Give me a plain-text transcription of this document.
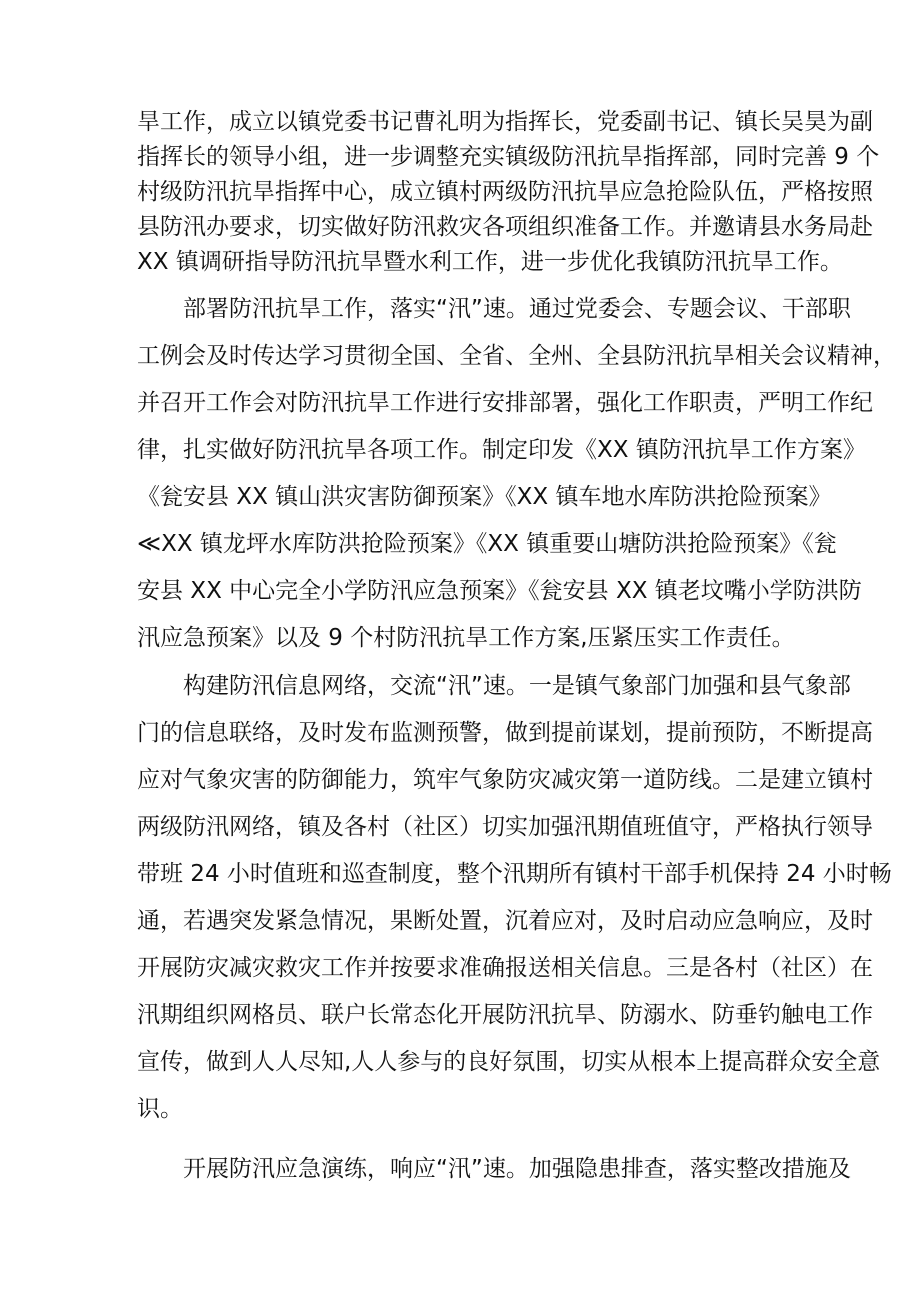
旱工作，成立以镇党委书记曹礼明为指挥长，党委副书记、镇长吴昊为副
指挥长的领导小组，进一步调整充实镇级防汛抗旱指挥部，同时完善 9 个
村级防汛抗旱指挥中心，成立镇村两级防汛抗旱应急抢险队伍，严格按照
县防汛办要求，切实做好防汛救灾各项组织准备工作。并邀请县水务局赴
XX 镇调研指导防汛抗旱暨水利工作，进一步优化我镇防汛抗旱工作。
部署防汛抗旱工作，落实“汛”速。通过党委会、专题会议、干部职
工例会及时传达学习贯彻全国、全省、全州、全县防汛抗旱相关会议精神，
并召开工作会对防汛抗旱工作进行安排部署，强化工作职责，严明工作纪
律，扎实做好防汛抗旱各项工作。制定印发《XX 镇防汛抗旱工作方案》
《瓮安县 XX 镇山洪灾害防御预案》《XX 镇车地水库防洪抢险预案》
≪XX 镇龙坪水库防洪抢险预案》《XX 镇重要山塘防洪抢险预案》《瓮
安县 XX 中心完全小学防汛应急预案》《瓮安县 XX 镇老坟嘴小学防洪防
汛应急预案》以及 9 个村防汛抗旱工作方案,压紧压实工作责任。
构建防汛信息网络，交流“汛”速。一是镇气象部门加强和县气象部
门的信息联络，及时发布监测预警，做到提前谋划，提前预防，不断提高
应对气象灾害的防御能力，筑牢气象防灾减灾第一道防线。二是建立镇村
两级防汛网络，镇及各村（社区）切实加强汛期值班值守，严格执行领导
带班 24 小时值班和巡查制度，整个汛期所有镇村干部手机保持 24 小时畅
通，若遇突发紧急情况，果断处置，沉着应对，及时启动应急响应，及时
开展防灾减灾救灾工作并按要求准确报送相关信息。三是各村（社区）在
汛期组织网格员、联户长常态化开展防汛抗旱、防溺水、防垂钓触电工作
宣传，做到人人尽知,人人参与的良好氛围，切实从根本上提高群众安全意
识。
开展防汛应急演练，响应“汛”速。加强隐患排查，落实整改措施及
